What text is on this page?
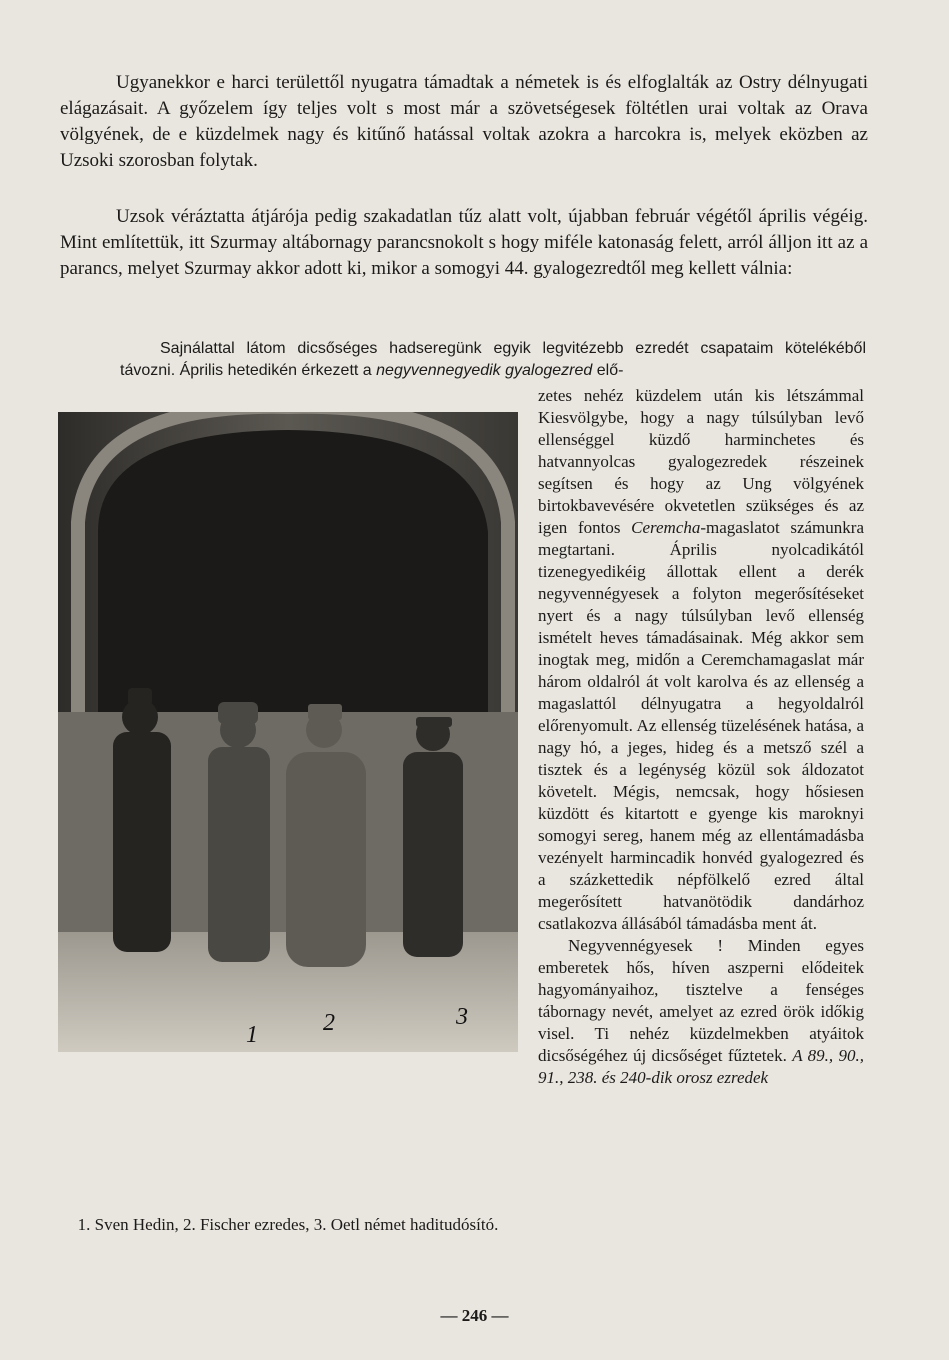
Ugyanekkor e harci területtől nyugatra támadtak a németek is és elfoglalták az Ostry délnyugati elágazásait. A győzelem így teljes volt s most már a szövetségesek föltétlen urai voltak az Orava völgyének, de e küzdelmek nagy és kitűnő hatással voltak azokra a harcokra is, melyek eközben az Uzsoki szorosban folytak.

Uzsok véráztatta átjárója pedig szakadatlan tűz alatt volt, újabban február végétől április végéig. Mint említettük, itt Szurmay altábornagy parancsnokolt s hogy miféle katonaság felett, arról álljon itt az a parancs, melyet Szurmay akkor adott ki, mikor a somogyi 44. gyalogezredtől meg kellett válnia:

Sajnálattal látom dicsőséges hadseregünk egyik legvitézebb ezredét csapataim kötelékéből távozni. Április hetedikén érkezett a negyvennegyedik gyalogezred elő-
1	2	3

zetes nehéz küzdelem után kis létszámmal Kiesvölgybe, hogy a nagy túlsúlyban levő ellenséggel küzdő harminchetes és hatvannyolcas gyalogezredek részeinek segítsen és hogy az Ung völgyének birtokbavevésére okvetetlen szükséges és az igen fontos Ceremcha-magaslatot számunkra megtartani. Április nyolcadikától tizenegyedikéig állottak ellent a derék negyvennégyesek a folyton megerősítéseket nyert és a nagy túlsúlyban levő ellenség ismételt heves támadásainak. Még akkor sem inogtak meg, midőn a Ceremchamagaslat már három oldalról át volt karolva és az ellenség a magaslattól délnyugatra a hegyoldalról előrenyomult. Az ellenség tüzelésének hatása, a nagy hó, a jeges, hideg és a metsző szél a tisztek és a legénység közül sok áldozatot követelt. Mégis, nemcsak, hogy hősiesen küzdött és kitartott e gyenge kis maroknyi somogyi sereg, hanem még az ellentámadásba vezényelt harmincadik honvéd gyalogezred és a százkettedik népfölkelő ezred által megerősített hatvanötödik dandárhoz csatlakozva állásából támadásba ment át.

Negyvennégyesek ! Minden egyes emberetek hős, híven aszperni elődeitek hagyományaihoz, tisztelve a fenséges tábornagy nevét, amelyet az ezred örök időkig visel. Ti nehéz küzdelmekben atyáitok dicsőségéhez új dicsőséget fűztetek. A 89., 90., 91., 238. és 240-dik orosz ezredek

1. Sven Hedin, 2. Fischer ezredes, 3. Oetl német haditudósító.
— 246 —
